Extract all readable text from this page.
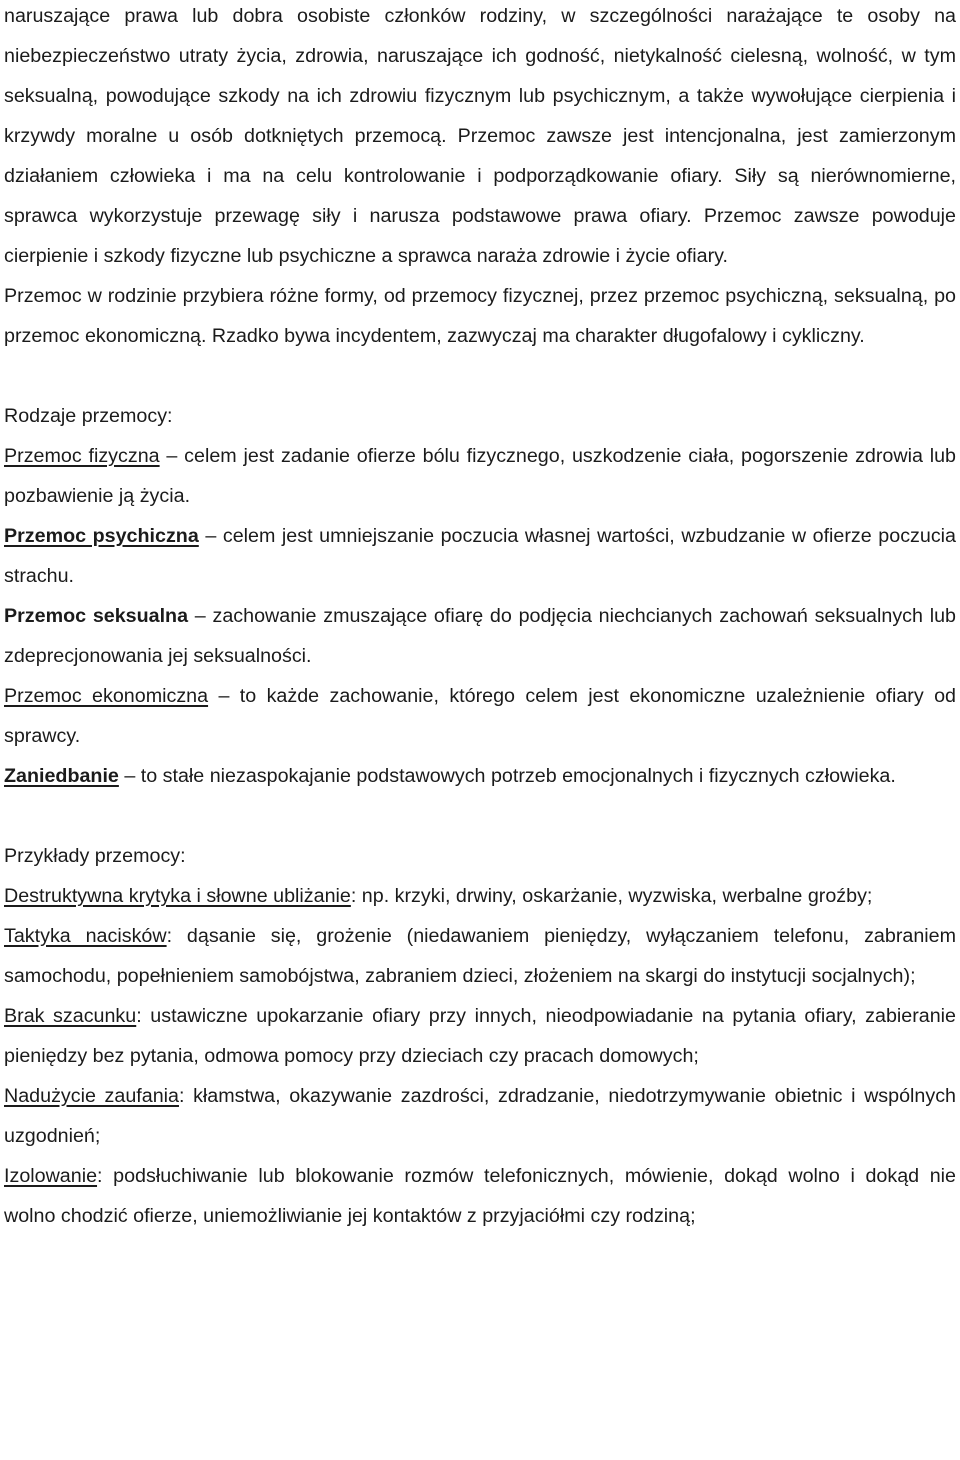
naruszające prawa lub dobra osobiste członków rodziny, w szczególności narażające te osoby na niebezpieczeństwo utraty życia, zdrowia, naruszające ich godność, nietykalność cielesną, wolność, w tym seksualną, powodujące szkody na ich zdrowiu fizycznym lub psychicznym, a także wywołujące cierpienia i krzywdy moralne u osób dotkniętych przemocą. Przemoc zawsze jest intencjonalna, jest zamierzonym działaniem człowieka i ma na celu kontrolowanie i podporządkowanie ofiary. Siły są nierównomierne, sprawca wykorzystuje przewagę siły i narusza podstawowe prawa ofiary. Przemoc zawsze powoduje cierpienie i szkody fizyczne lub psychiczne a sprawca naraża zdrowie i życie ofiary.

Przemoc w rodzinie przybiera różne formy, od przemocy fizycznej, przez przemoc psychiczną, seksualną, po przemoc ekonomiczną. Rzadko bywa incydentem, zazwyczaj ma charakter długofalowy i cykliczny.

Rodzaje przemocy:

Przemoc fizyczna – celem jest zadanie ofierze bólu fizycznego, uszkodzenie ciała, pogorszenie zdrowia lub pozbawienie ją życia.

Przemoc psychiczna – celem jest umniejszanie poczucia własnej wartości, wzbudzanie w ofierze poczucia strachu.

Przemoc seksualna – zachowanie zmuszające ofiarę do podjęcia niechcianych zachowań seksualnych lub zdeprecjonowania jej seksualności.

Przemoc ekonomiczna – to każde zachowanie, którego celem jest ekonomiczne uzależnienie ofiary od sprawcy.

Zaniedbanie – to stałe niezaspokajanie podstawowych potrzeb emocjonalnych i fizycznych człowieka.

Przykłady przemocy:

Destruktywna krytyka i słowne ubliżanie: np. krzyki, drwiny, oskarżanie, wyzwiska, werbalne groźby;

Taktyka nacisków: dąsanie się, grożenie (niedawaniem pieniędzy, wyłączaniem telefonu, zabraniem samochodu, popełnieniem samobójstwa, zabraniem dzieci, złożeniem na skargi do instytucji socjalnych);

Brak szacunku: ustawiczne upokarzanie ofiary przy innych, nieodpowiadanie na pytania ofiary, zabieranie pieniędzy bez pytania, odmowa pomocy przy dzieciach czy pracach domowych;

Nadużycie zaufania: kłamstwa, okazywanie zazdrości, zdradzanie, niedotrzymywanie obietnic i wspólnych uzgodnień;

Izolowanie: podsłuchiwanie lub blokowanie rozmów telefonicznych, mówienie, dokąd wolno i dokąd nie wolno chodzić ofierze, uniemożliwianie jej kontaktów z przyjaciółmi czy rodziną;
